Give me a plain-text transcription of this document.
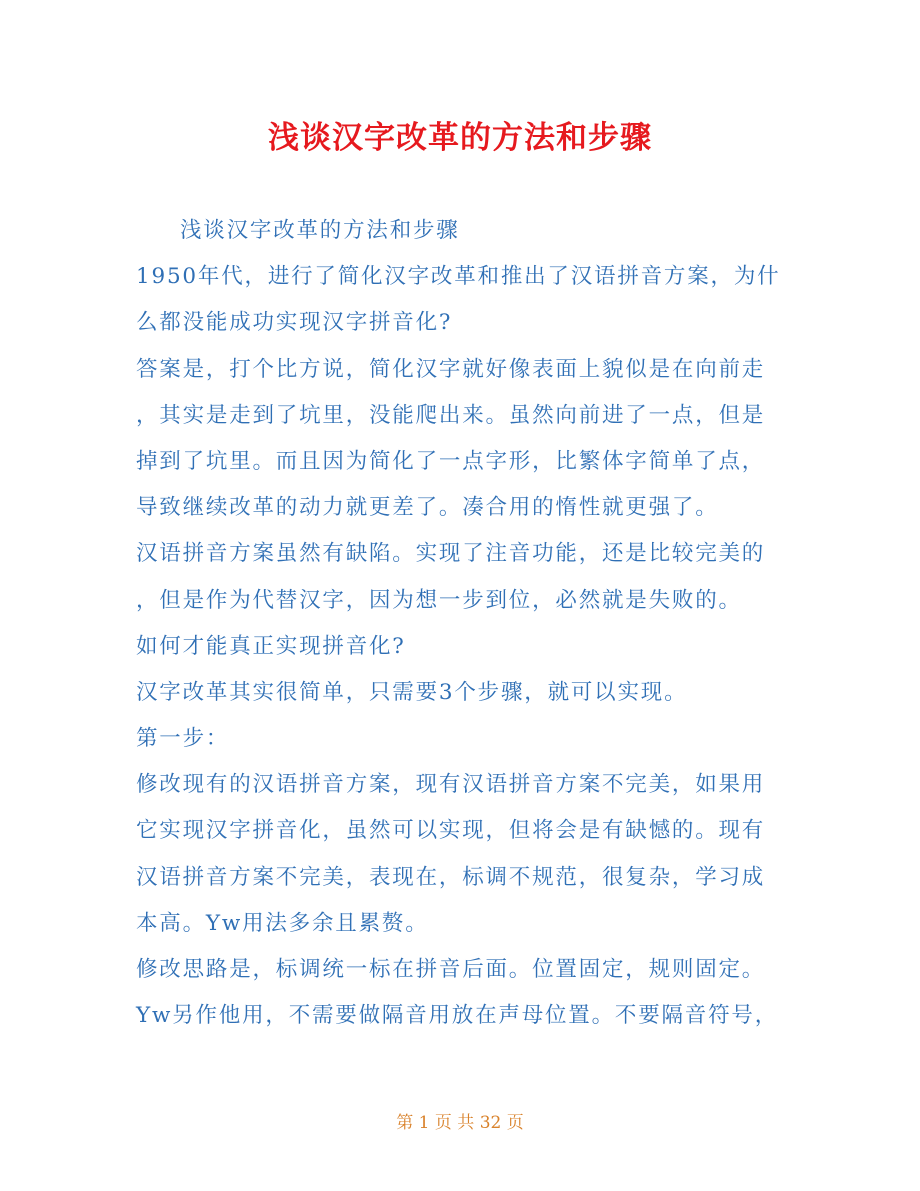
浅谈汉字改革的方法和步骤
浅谈汉字改革的方法和步骤
1950年代，进行了简化汉字改革和推出了汉语拼音方案，为什
么都没能成功实现汉字拼音化?
答案是，打个比方说，简化汉字就好像表面上貌似是在向前走
，其实是走到了坑里，没能爬出来。虽然向前进了一点，但是
掉到了坑里。而且因为简化了一点字形，比繁体字简单了点，
导致继续改革的动力就更差了。凑合用的惰性就更强了。
汉语拼音方案虽然有缺陷。实现了注音功能，还是比较完美的
，但是作为代替汉字，因为想一步到位，必然就是失败的。
如何才能真正实现拼音化?
汉字改革其实很简单，只需要3个步骤，就可以实现。
第一步：
修改现有的汉语拼音方案，现有汉语拼音方案不完美，如果用
它实现汉字拼音化，虽然可以实现，但将会是有缺憾的。现有
汉语拼音方案不完美，表现在，标调不规范，很复杂，学习成
本高。Yw用法多余且累赘。
修改思路是，标调统一标在拼音后面。位置固定，规则固定。
Yw另作他用，不需要做隔音用放在声母位置。不要隔音符号，
第 1 页 共 32 页
